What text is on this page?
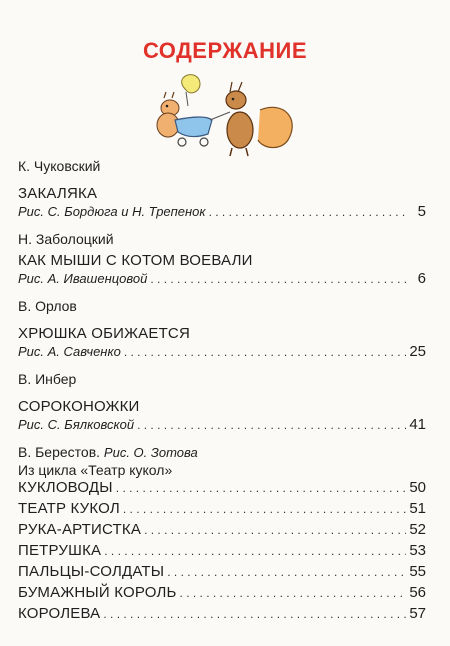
СОДЕРЖАНИЕ
К. Чуковский
ЗАКАЛЯКА
Рис. С. Бордюга и Н. Трепенок . . .	5
Н. Заболоцкий
КАК МЫШИ С КОТОМ ВОЕВАЛИ
Рис. А. Ивашенцовой . . .	6
В. Орлов
ХРЮШКА ОБИЖАЕТСЯ
Рис. А. Савченко . . .	25
В. Инбер
СОРОКОНОЖКИ
Рис. С. Бялковской . . .	41
В. Берестов. Рис. О. Зотова
Из цикла «Театр кукол»
КУКЛОВОДЫ . . .	50
ТЕАТР КУКОЛ . . .	51
РУКА-АРТИСТКА . . .	52
ПЕТРУШКА . . .	53
ПАЛЬЦЫ-СОЛДАТЫ . . .	55
БУМАЖНЫЙ КОРОЛЬ . . .	56
КОРОЛЕВА . . .	57
